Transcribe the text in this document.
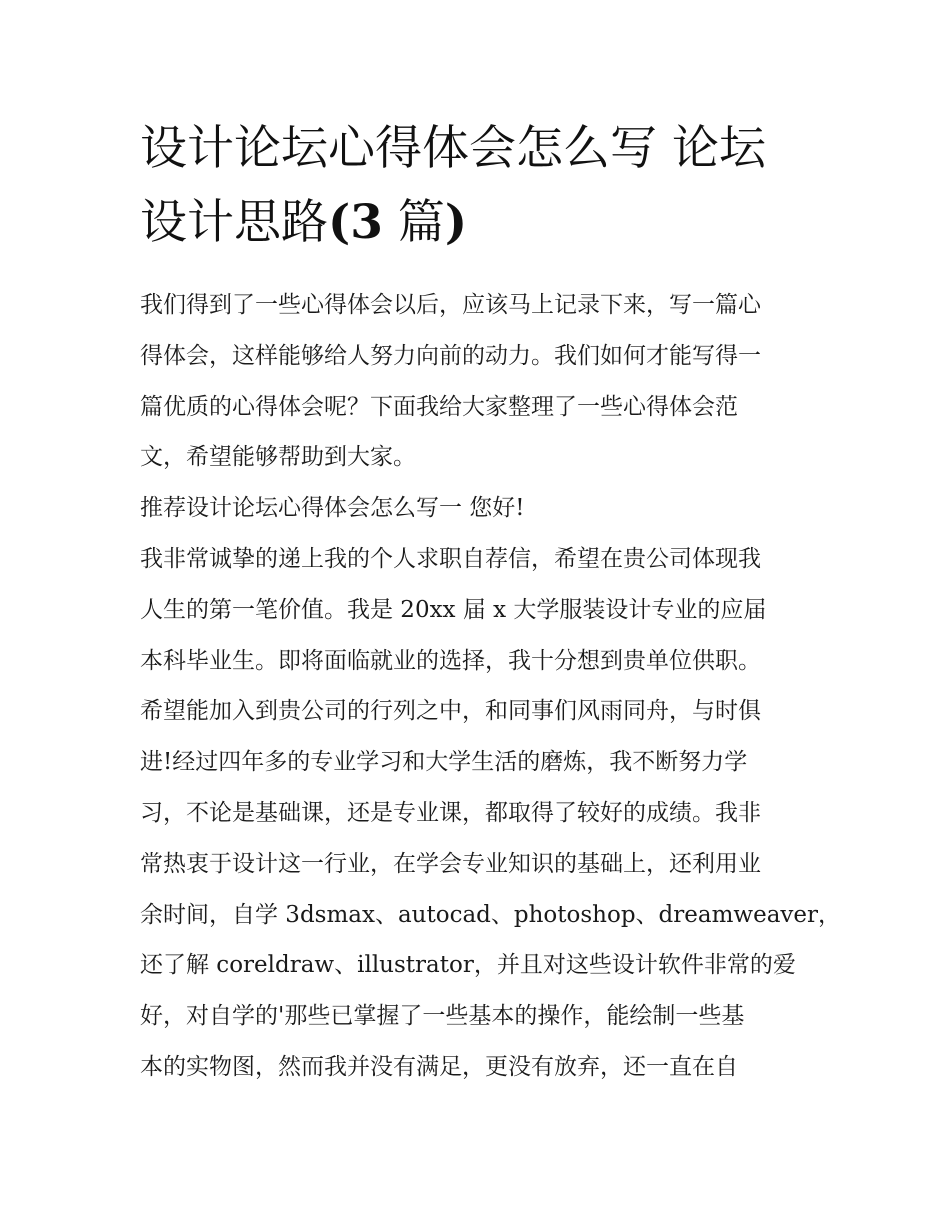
设计论坛心得体会怎么写 论坛
设计思路(3 篇)

我们得到了一些心得体会以后，应该马上记录下来，写一篇心
得体会，这样能够给人努力向前的动力。我们如何才能写得一
篇优质的心得体会呢？下面我给大家整理了一些心得体会范
文，希望能够帮助到大家。

推荐设计论坛心得体会怎么写一 您好!

我非常诚挚的递上我的个人求职自荐信，希望在贵公司体现我
人生的第一笔价值。我是 20xx 届 x 大学服装设计专业的应届
本科毕业生。即将面临就业的选择，我十分想到贵单位供职。
希望能加入到贵公司的行列之中，和同事们风雨同舟，与时俱
进!经过四年多的专业学习和大学生活的磨炼，我不断努力学
习，不论是基础课，还是专业课，都取得了较好的成绩。我非
常热衷于设计这一行业，在学会专业知识的基础上，还利用业
余时间，自学 3dsmax、autocad、photoshop、dreamweaver，
还了解 coreldraw、illustrator，并且对这些设计软件非常的爱
好，对自学的'那些已掌握了一些基本的操作，能绘制一些基
本的实物图，然而我并没有满足，更没有放弃，还一直在自
